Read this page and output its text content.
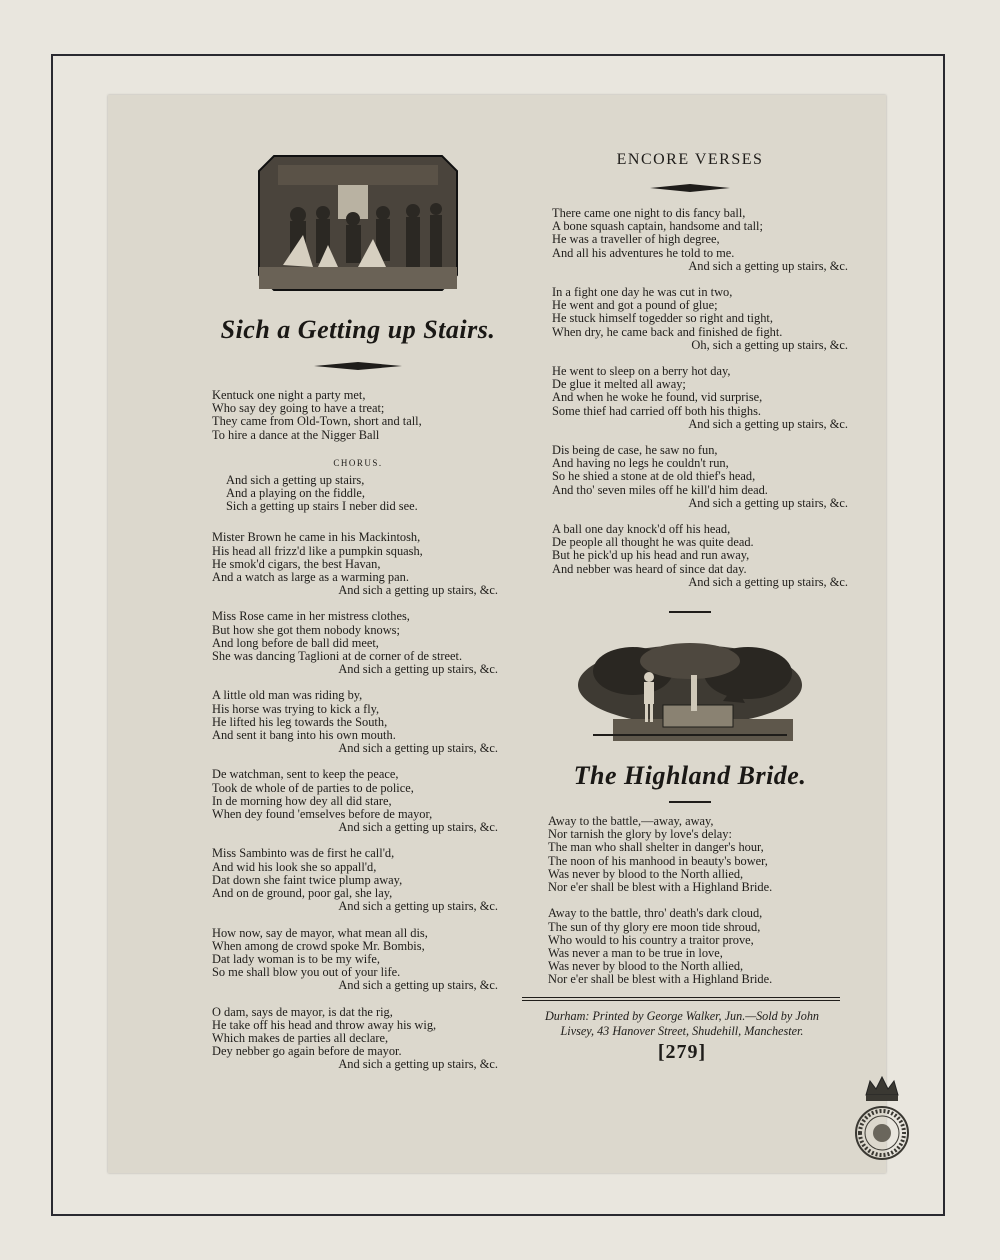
Sich a Getting up Stairs.

Kentuck one night a party met,
Who say dey going to have a treat;
They came from Old-Town, short and tall,
To hire a dance at the Nigger Ball
CHORUS.
And sich a getting up stairs,
And a playing on the fiddle,
Sich a getting up stairs I neber did see.
Mister Brown he came in his Mackintosh,
His head all frizz'd like a pumpkin squash,
He smok'd cigars, the best Havan,
And a watch as large as a warming pan.
And sich a getting up stairs, &c.
Miss Rose came in her mistress clothes,
But how she got them nobody knows;
And long before de ball did meet,
She was dancing Taglioni at de corner of de street.
And sich a getting up stairs, &c.
A little old man was riding by,
His horse was trying to kick a fly,
He lifted his leg towards the South,
And sent it bang into his own mouth.
And sich a getting up stairs, &c.
De watchman, sent to keep the peace,
Took de whole of de parties to de police,
In de morning how dey all did stare,
When dey found 'emselves before de mayor,
And sich a getting up stairs, &c.
Miss Sambinto was de first he call'd,
And wid his look she so appall'd,
Dat down she faint twice plump away,
And on de ground, poor gal, she lay,
And sich a getting up stairs, &c.
How now, say de mayor, what mean all dis,
When among de crowd spoke Mr. Bombis,
Dat lady woman is to be my wife,
So me shall blow you out of your life.
And sich a getting up stairs, &c.
O dam, says de mayor, is dat the rig,
He take off his head and throw away his wig,
Which makes de parties all declare,
Dey nebber go again before de mayor.
And sich a getting up stairs, &c.

ENCORE VERSES

There came one night to dis fancy ball,
A bone squash captain, handsome and tall;
He was a traveller of high degree,
And all his adventures he told to me.
And sich a getting up stairs, &c.
In a fight one day he was cut in two,
He went and got a pound of glue;
He stuck himself togedder so right and tight,
When dry, he came back and finished de fight.
Oh, sich a getting up stairs, &c.
He went to sleep on a berry hot day,
De glue it melted all away;
And when he woke he found, vid surprise,
Some thief had carried off both his thighs.
And sich a getting up stairs, &c.
Dis being de case, he saw no fun,
And having no legs he couldn't run,
So he shied a stone at de old thief's head,
And tho' seven miles off he kill'd him dead.
And sich a getting up stairs, &c.
A ball one day knock'd off his head,
De people all thought he was quite dead.
But he pick'd up his head and run away,
And nebber was heard of since dat day.
And sich a getting up stairs, &c.

The Highland Bride.

Away to the battle,—away, away,
Nor tarnish the glory by love's delay:
The man who shall shelter in danger's hour,
The noon of his manhood in beauty's bower,
Was never by blood to the North allied,
Nor e'er shall be blest with a Highland Bride.
Away to the battle, thro' death's dark cloud,
The sun of thy glory ere moon tide shroud,
Who would to his country a traitor prove,
Was never a man to be true in love,
Was never by blood to the North allied,
Nor e'er shall be blest with a Highland Bride.

Durham: Printed by George Walker, Jun.—Sold by John
Livsey, 43 Hanover Street, Shudehill, Manchester.

[279]
